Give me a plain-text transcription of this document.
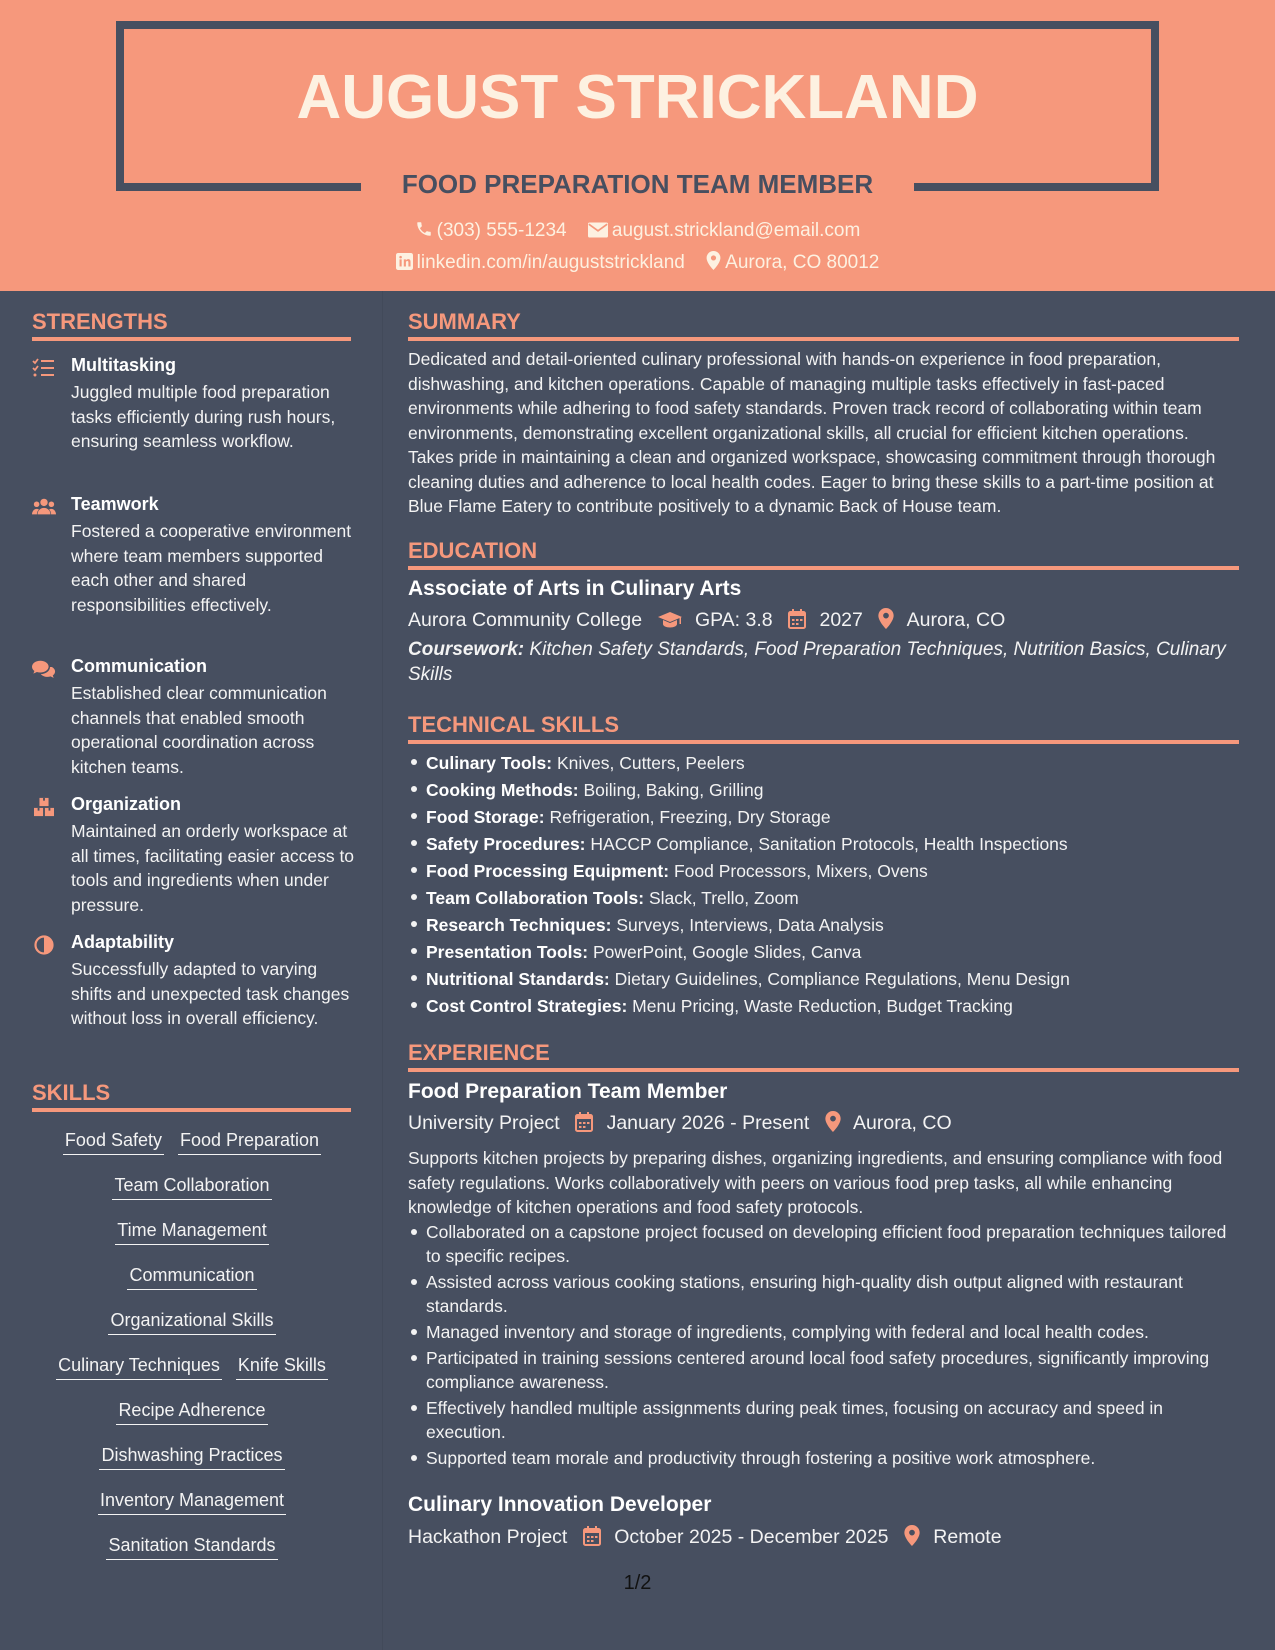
AUGUST STRICKLAND
FOOD PREPARATION TEAM MEMBER
(303) 555-1234 august.strickland@email.com
linkedin.com/in/auguststrickland Aurora, CO 80012
STRENGTHS
Multitasking
Juggled multiple food preparation tasks efficiently during rush hours, ensuring seamless workflow.
Teamwork
Fostered a cooperative environment where team members supported each other and shared responsibilities effectively.
Communication
Established clear communication channels that enabled smooth operational coordination across kitchen teams.
Organization
Maintained an orderly workspace at all times, facilitating easier access to tools and ingredients when under pressure.
Adaptability
Successfully adapted to varying shifts and unexpected task changes without loss in overall efficiency.
SKILLS
Food Safety Food Preparation
Team Collaboration
Time Management
Communication
Organizational Skills
Culinary Techniques Knife Skills
Recipe Adherence
Dishwashing Practices
Inventory Management
Sanitation Standards
SUMMARY
Dedicated and detail-oriented culinary professional with hands-on experience in food preparation, dishwashing, and kitchen operations. Capable of managing multiple tasks effectively in fast-paced environments while adhering to food safety standards. Proven track record of collaborating within team environments, demonstrating excellent organizational skills, all crucial for efficient kitchen operations. Takes pride in maintaining a clean and organized workspace, showcasing commitment through thorough cleaning duties and adherence to local health codes. Eager to bring these skills to a part-time position at Blue Flame Eatery to contribute positively to a dynamic Back of House team.
EDUCATION
Associate of Arts in Culinary Arts
Aurora Community College	GPA: 3.8 2027 Aurora, CO
Coursework: Kitchen Safety Standards, Food Preparation Techniques, Nutrition Basics, Culinary Skills
TECHNICAL SKILLS
Culinary Tools: Knives, Cutters, Peelers
Cooking Methods: Boiling, Baking, Grilling
Food Storage: Refrigeration, Freezing, Dry Storage
Safety Procedures: HACCP Compliance, Sanitation Protocols, Health Inspections
Food Processing Equipment: Food Processors, Mixers, Ovens
Team Collaboration Tools: Slack, Trello, Zoom
Research Techniques: Surveys, Interviews, Data Analysis
Presentation Tools: PowerPoint, Google Slides, Canva
Nutritional Standards: Dietary Guidelines, Compliance Regulations, Menu Design
Cost Control Strategies: Menu Pricing, Waste Reduction, Budget Tracking
EXPERIENCE
Food Preparation Team Member
University Project January 2026 - Present Aurora, CO
Supports kitchen projects by preparing dishes, organizing ingredients, and ensuring compliance with food safety regulations. Works collaboratively with peers on various food prep tasks, all while enhancing knowledge of kitchen operations and food safety protocols.
Collaborated on a capstone project focused on developing efficient food preparation techniques tailored to specific recipes.
Assisted across various cooking stations, ensuring high-quality dish output aligned with restaurant standards.
Managed inventory and storage of ingredients, complying with federal and local health codes.
Participated in training sessions centered around local food safety procedures, significantly improving compliance awareness.
Effectively handled multiple assignments during peak times, focusing on accuracy and speed in execution.
Supported team morale and productivity through fostering a positive work atmosphere.
Culinary Innovation Developer
Hackathon Project October 2025 - December 2025 Remote
1/2
